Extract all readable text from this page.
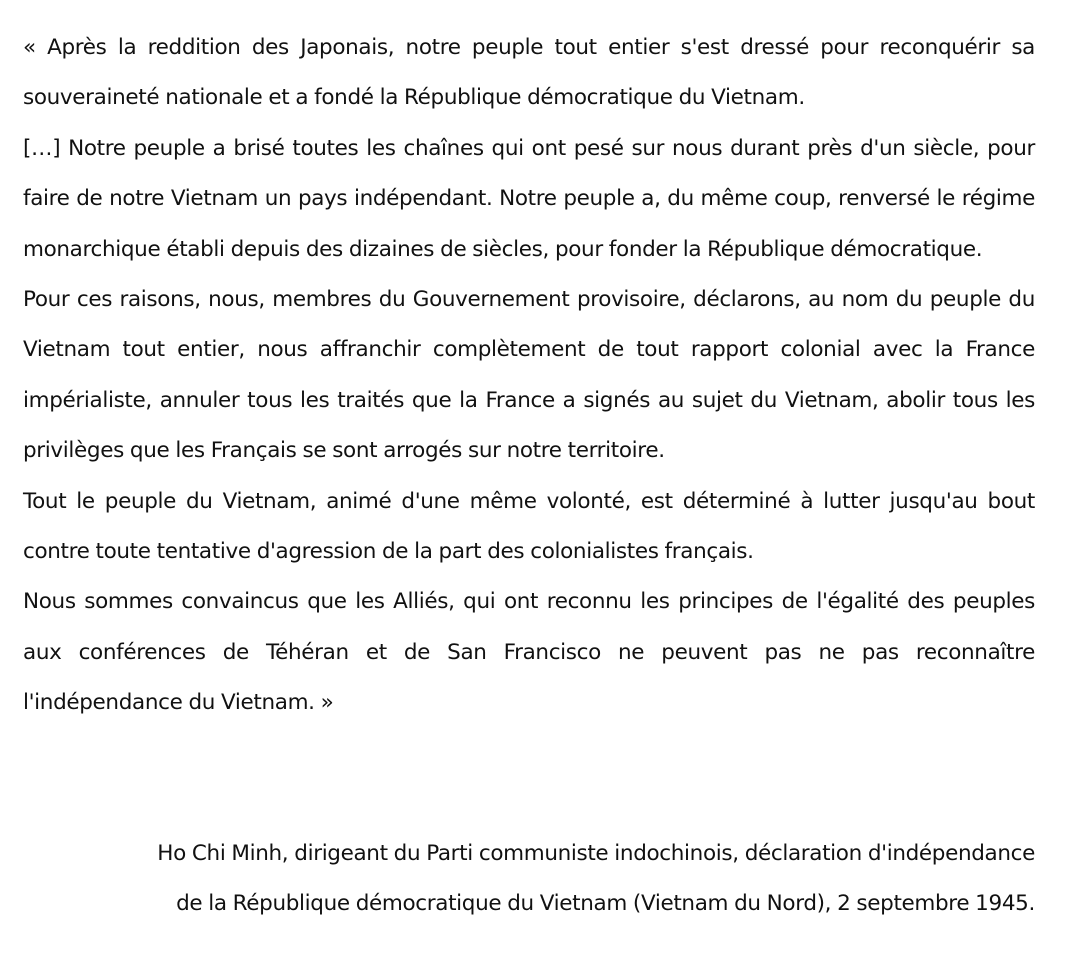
« Après la reddition des Japonais, notre peuple tout entier s'est dressé pour reconquérir sa souveraineté nationale et a fondé la République démocratique du Vietnam.

[…] Notre peuple a brisé toutes les chaînes qui ont pesé sur nous durant près d'un siècle, pour faire de notre Vietnam un pays indépendant. Notre peuple a, du même coup, renversé le régime monarchique établi depuis des dizaines de siècles, pour fonder la République démocratique.

Pour ces raisons, nous, membres du Gouvernement provisoire, déclarons, au nom du peuple du Vietnam tout entier, nous affranchir complètement de tout rapport colonial avec la France impérialiste, annuler tous les traités que la France a signés au sujet du Vietnam, abolir tous les privilèges que les Français se sont arrogés sur notre territoire.

Tout le peuple du Vietnam, animé d'une même volonté, est déterminé à lutter jusqu'au bout contre toute tentative d'agression de la part des colonialistes français.

Nous sommes convaincus que les Alliés, qui ont reconnu les principes de l'égalité des peuples aux conférences de Téhéran et de San Francisco ne peuvent pas ne pas reconnaître l'indépendance du Vietnam. »

Ho Chi Minh, dirigeant du Parti communiste indochinois, déclaration d'indépendance
de la République démocratique du Vietnam (Vietnam du Nord), 2 septembre 1945.
